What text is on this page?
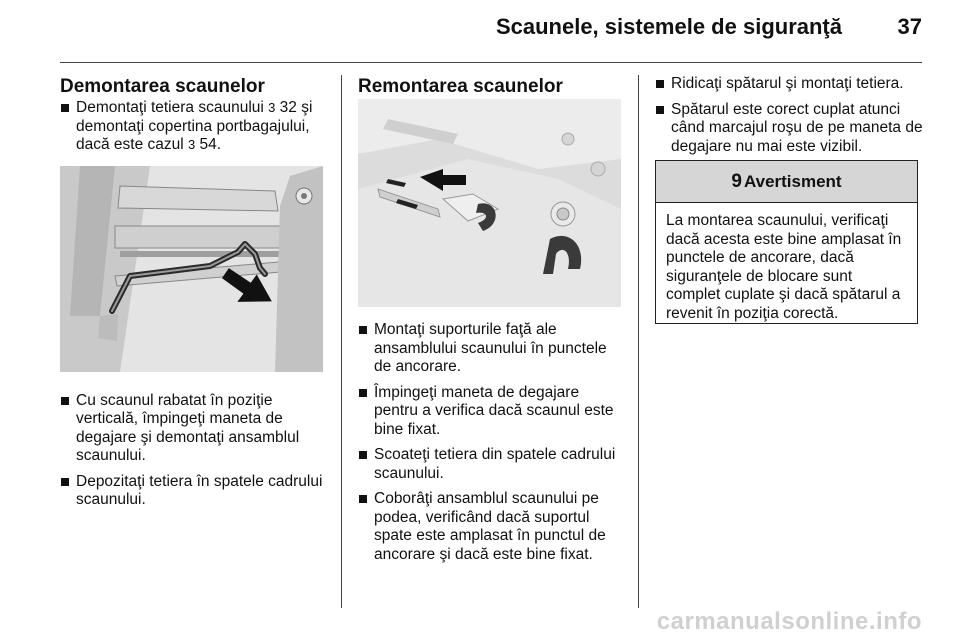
Scaunele, sistemele de siguranţă	37
Demontarea scaunelor
Demontaţi tetiera scaunului 3 32 şi demontaţi copertina portbagajului, dacă este cazul 3 54.
Cu scaunul rabatat în poziţie verticală, împingeţi maneta de degajare şi demontaţi ansamblul scaunului.
Depozitaţi tetiera în spatele cadrului scaunului.
Remontarea scaunelor
Montaţi suporturile faţă ale ansamblului scaunului în punctele de ancorare.
Împingeţi maneta de degajare pentru a verifica dacă scaunul este bine fixat.
Scoateţi tetiera din spatele cadrului scaunului.
Coborâţi ansamblul scaunului pe podea, verificând dacă suportul spate este amplasat în punctul de ancorare şi dacă este bine fixat.
Ridicaţi spătarul şi montaţi tetiera.
Spătarul este corect cuplat atunci când marcajul roşu de pe maneta de degajare nu mai este vizibil.
9 Avertisment
La montarea scaunului, verificaţi dacă acesta este bine amplasat în punctele de ancorare, dacă siguranţele de blocare sunt complet cuplate şi dacă spătarul a revenit în poziţia corectă.
carmanualsonline.info
